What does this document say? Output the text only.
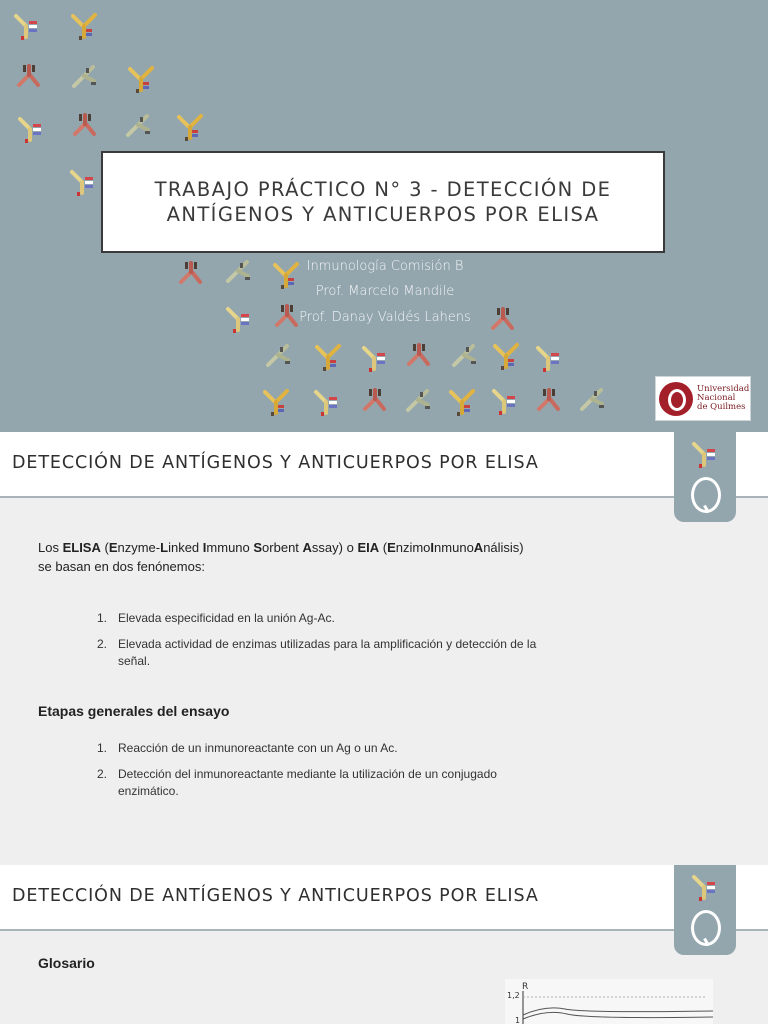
TRABAJO PRÁCTICO N° 3 - DETECCIÓN DE ANTÍGENOS Y ANTICUERPOS POR ELISA
Inmunología Comisión B
Prof. Marcelo Mandile
Prof. Danay Valdés Lahens
Universidad
Nacional
de Quilmes
DETECCIÓN DE ANTÍGENOS Y ANTICUERPOS POR ELISA
Los ELISA (Enzyme-Linked Immuno Sorbent Assay) o EIA (EnzimoInmunoAnálisis)
se basan en dos fenónemos:
1. Elevada especificidad en la unión Ag-Ac.
2. Elevada actividad de enzimas utilizadas para la amplificación y detección de la señal.
Etapas generales del ensayo
1. Reacción de un inmunoreactante con un Ag o un Ac.
2. Detección del inmunoreactante mediante la utilización de un conjugado enzimático.
DETECCIÓN DE ANTÍGENOS Y ANTICUERPOS POR ELISA
Glosario
R
1,2
1
